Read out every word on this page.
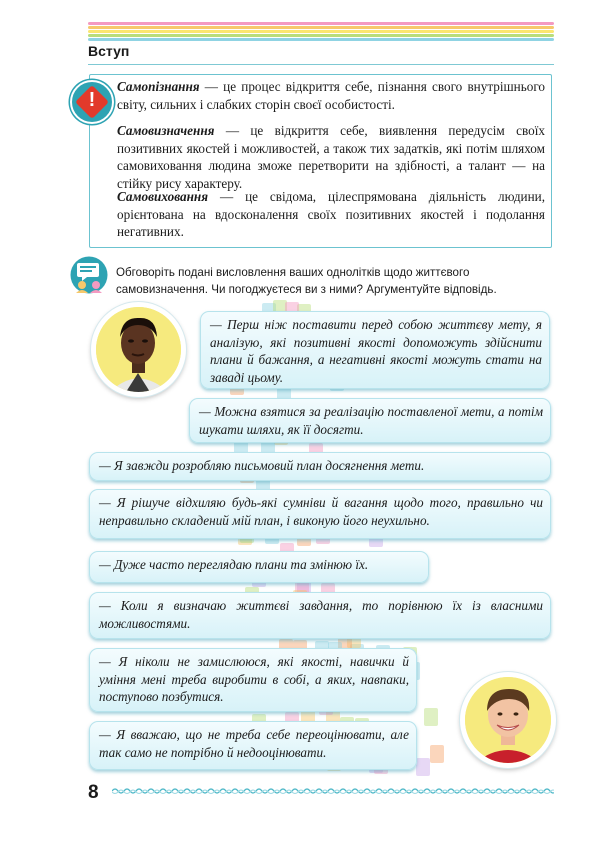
Вступ
!

Самопізнання — це процес відкриття себе, пізнання свого внутрішнього світу, сильних і слабких сторін своєї особистості.

Самовизначення — це відкриття себе, виявлення передусім своїх позитивних якостей і можливостей, а також тих задатків, які потім шляхом самовиховання людина зможе перетворити на здібності, а талант — на стійку рису характеру.

Самовиховання — це свідома, цілеспрямована діяльність людини, орієнтована на вдосконалення своїх позитивних якостей і подолання негативних.

Обговоріть подані висловлення ваших однолітків щодо життєвого самовизначення. Чи погоджуєтеся ви з ними? Аргументуйте відповідь.
— Перш ніж поставити перед собою життєву мету, я аналізую, які позитивні якості допоможуть здійснити плани й бажання, а негативні якості можуть стати на заваді цьому.
— Можна взятися за реалізацію поставленої мети, а потім шукати шляхи, як її досягти.
— Я завжди розробляю письмовий план досягнення мети.
— Я рішуче відхиляю будь-які сумніви й вагання щодо того, правильно чи неправильно складений мій план, і виконую його неухильно.
— Дуже часто переглядаю плани та змінюю їх.
— Коли я визначаю життєві завдання, то порівнюю їх із власними можливостями.
— Я ніколи не замислююся, які якості, навички й уміння мені треба виробити в собі, а яких, навпаки, поступово позбутися.
— Я вважаю, що не треба себе переоцінювати, але так само не потрібно й недооцінювати.
8
